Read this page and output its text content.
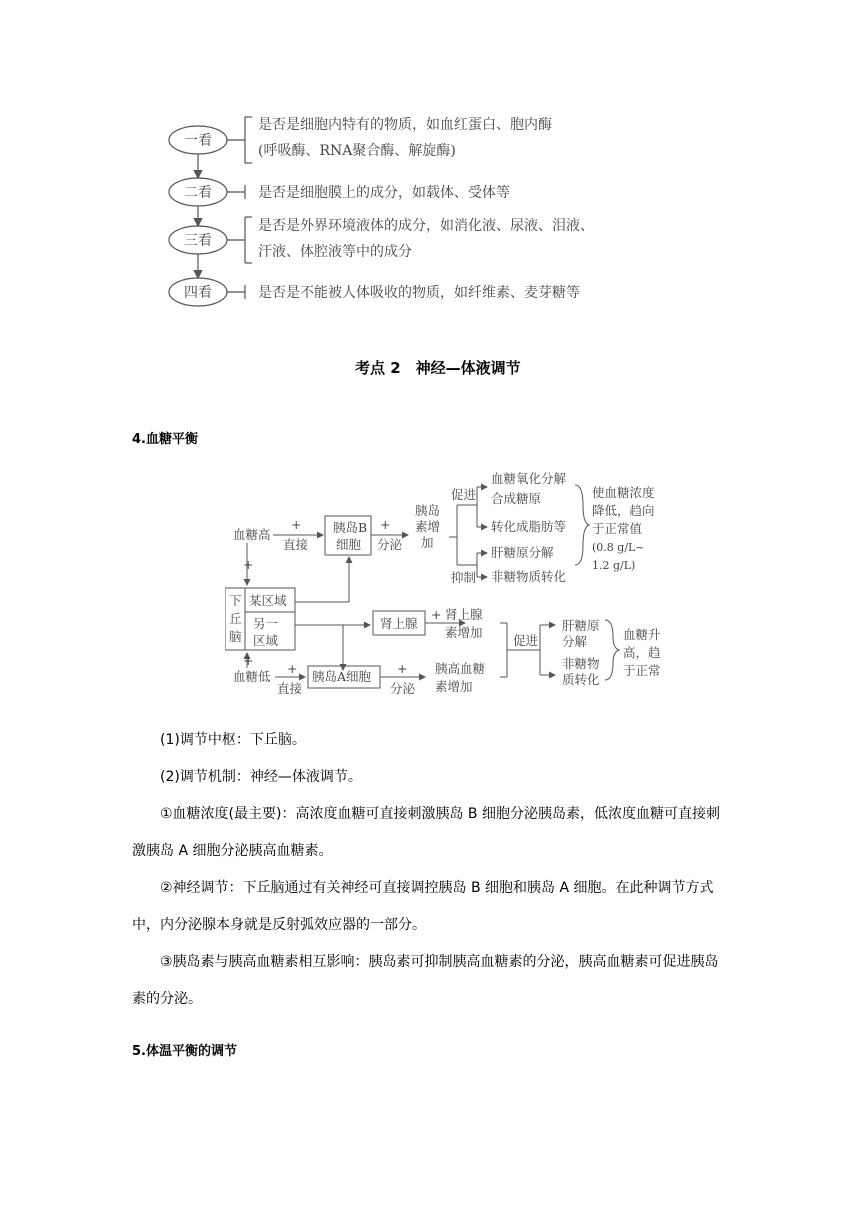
一看
是否是细胞内特有的物质，如血红蛋白、胞内酶
(呼吸酶、RNA聚合酶、解旋酶)
二看	是否是细胞膜上的成分，如载体、受体等
三看
是否是外界环境液体的成分，如消化液、尿液、泪液、
汗液、体腔液等中的成分
四看	是否是不能被人体吸收的物质，如纤维素、麦芽糖等
考点 2　神经—体液调节
4.血糖平衡
血糖高
+
直接
胰岛B
细胞
+
分泌
胰岛
素增
加
促进
抑制
血糖氧化分解
合成糖原
转化成脂肪等
肝糖原分解
非糖物质转化
使血糖浓度
降低，趋向
于正常值
(0.8 g/L~
1.2 g/L)
下
丘
脑
某区域
另一
区域
肾上腺
+ 肾上腺
素增加
促进
肝糖原
分解
非糖物
质转化
血糖升
高，趋
于正常
+
+
血糖低
+
直接
胰岛A细胞
+
分泌
胰高血糖
素增加
(1)调节中枢：下丘脑。
(2)调节机制：神经—体液调节。
①血糖浓度(最主要)：高浓度血糖可直接刺激胰岛 B 细胞分泌胰岛素，低浓度血糖可直接刺激胰岛 A 细胞分泌胰高血糖素。
②神经调节：下丘脑通过有关神经可直接调控胰岛 B 细胞和胰岛 A 细胞。在此种调节方式中，内分泌腺本身就是反射弧效应器的一部分。
③胰岛素与胰高血糖素相互影响：胰岛素可抑制胰高血糖素的分泌，胰高血糖素可促进胰岛素的分泌。
5.体温平衡的调节
